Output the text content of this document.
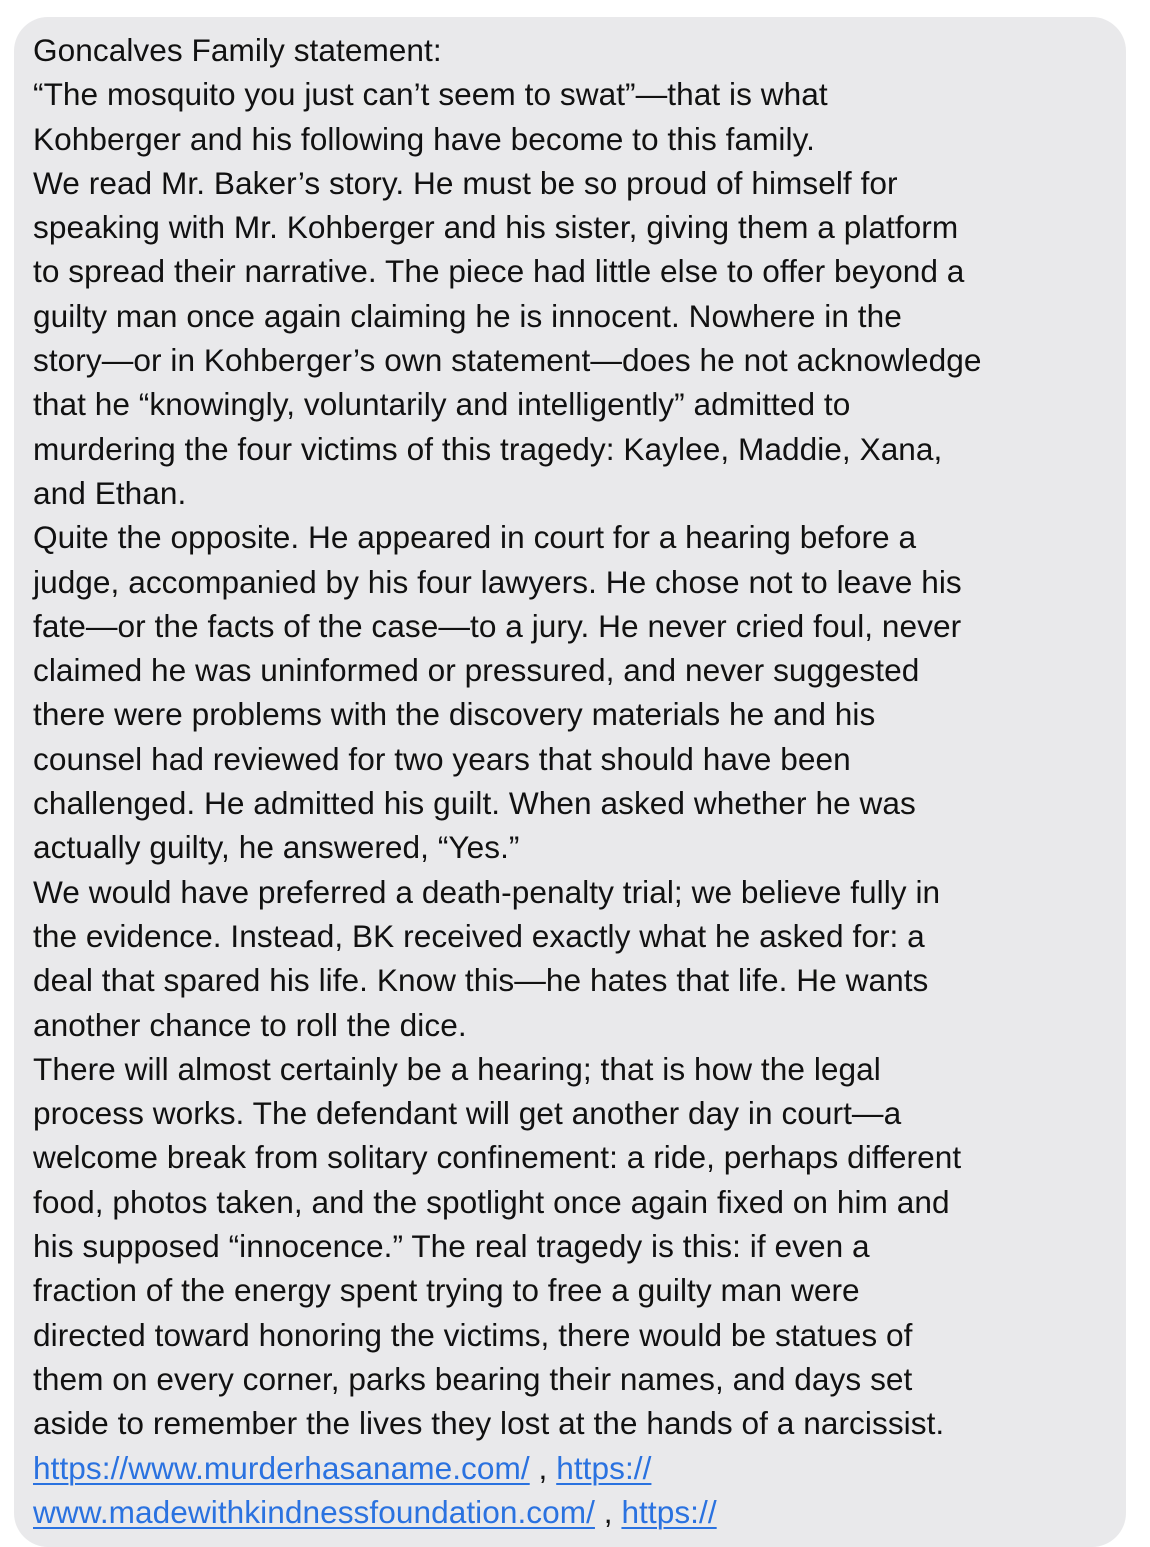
Goncalves Family statement:
“The mosquito you just can’t seem to swat”—that is what
Kohberger and his following have become to this family.
We read Mr. Baker’s story. He must be so proud of himself for
speaking with Mr. Kohberger and his sister, giving them a platform
to spread their narrative. The piece had little else to offer beyond a
guilty man once again claiming he is innocent. Nowhere in the
story—or in Kohberger’s own statement—does he not acknowledge
that he “knowingly, voluntarily and intelligently” admitted to
murdering the four victims of this tragedy: Kaylee, Maddie, Xana,
and Ethan.
Quite the opposite. He appeared in court for a hearing before a
judge, accompanied by his four lawyers. He chose not to leave his
fate—or the facts of the case—to a jury. He never cried foul, never
claimed he was uninformed or pressured, and never suggested
there were problems with the discovery materials he and his
counsel had reviewed for two years that should have been
challenged. He admitted his guilt. When asked whether he was
actually guilty, he answered, “Yes.”
We would have preferred a death-penalty trial; we believe fully in
the evidence. Instead, BK received exactly what he asked for: a
deal that spared his life. Know this—he hates that life. He wants
another chance to roll the dice.
There will almost certainly be a hearing; that is how the legal
process works. The defendant will get another day in court—a
welcome break from solitary confinement: a ride, perhaps different
food, photos taken, and the spotlight once again fixed on him and
his supposed “innocence.” The real tragedy is this: if even a
fraction of the energy spent trying to free a guilty man were
directed toward honoring the victims, there would be statues of
them on every corner, parks bearing their names, and days set
aside to remember the lives they lost at the hands of a narcissist.
https://www.murderhasaname.com/ , https://
www.madewithkindnessfoundation.com/ , https://
